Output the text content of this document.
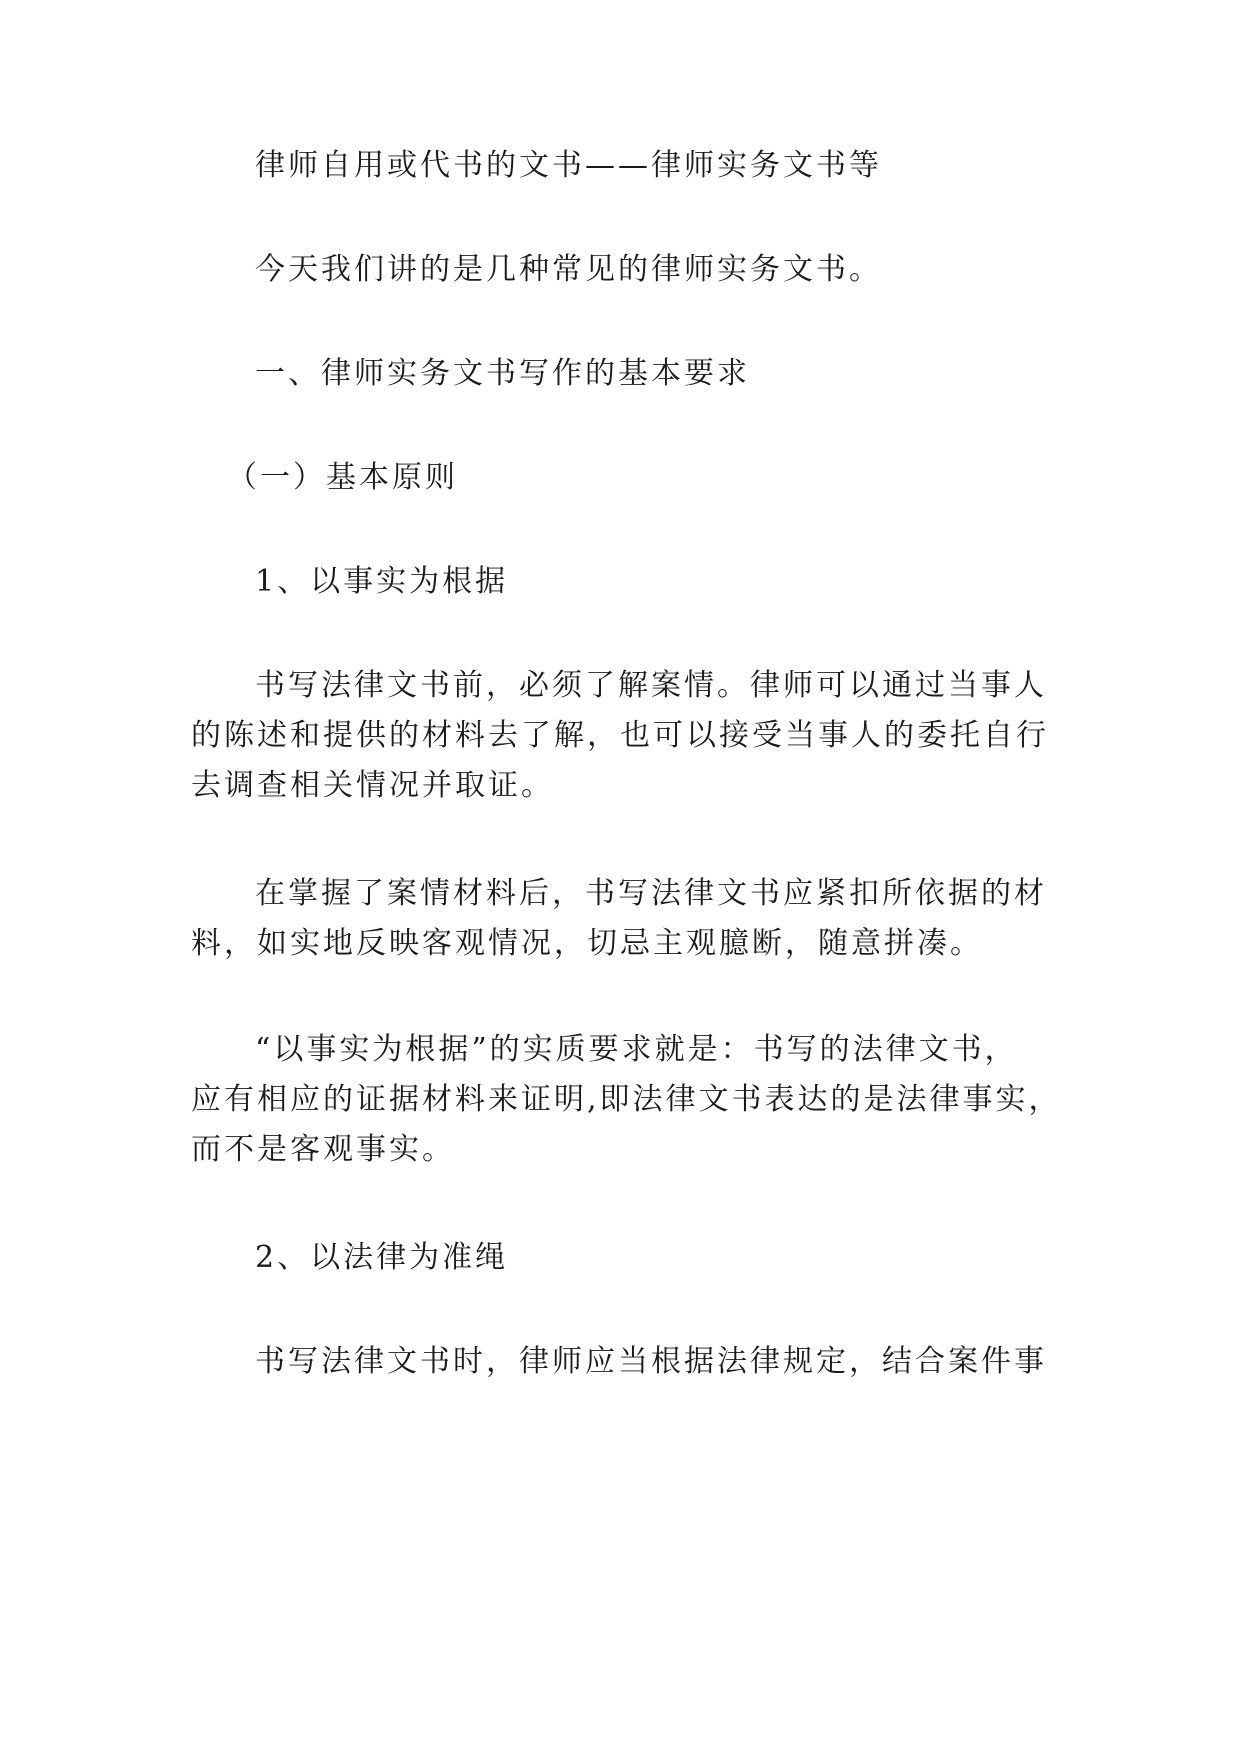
律师自用或代书的文书——律师实务文书等

今天我们讲的是几种常见的律师实务文书。

一、律师实务文书写作的基本要求

（一）基本原则

1、以事实为根据

书写法律文书前，必须了解案情。律师可以通过当事人
的陈述和提供的材料去了解，也可以接受当事人的委托自行
去调查相关情况并取证。

在掌握了案情材料后，书写法律文书应紧扣所依据的材
料，如实地反映客观情况，切忌主观臆断，随意拼凑。

“以事实为根据”的实质要求就是：书写的法律文书，
应有相应的证据材料来证明,即法律文书表达的是法律事实，
而不是客观事实。

2、以法律为准绳

书写法律文书时，律师应当根据法律规定，结合案件事
